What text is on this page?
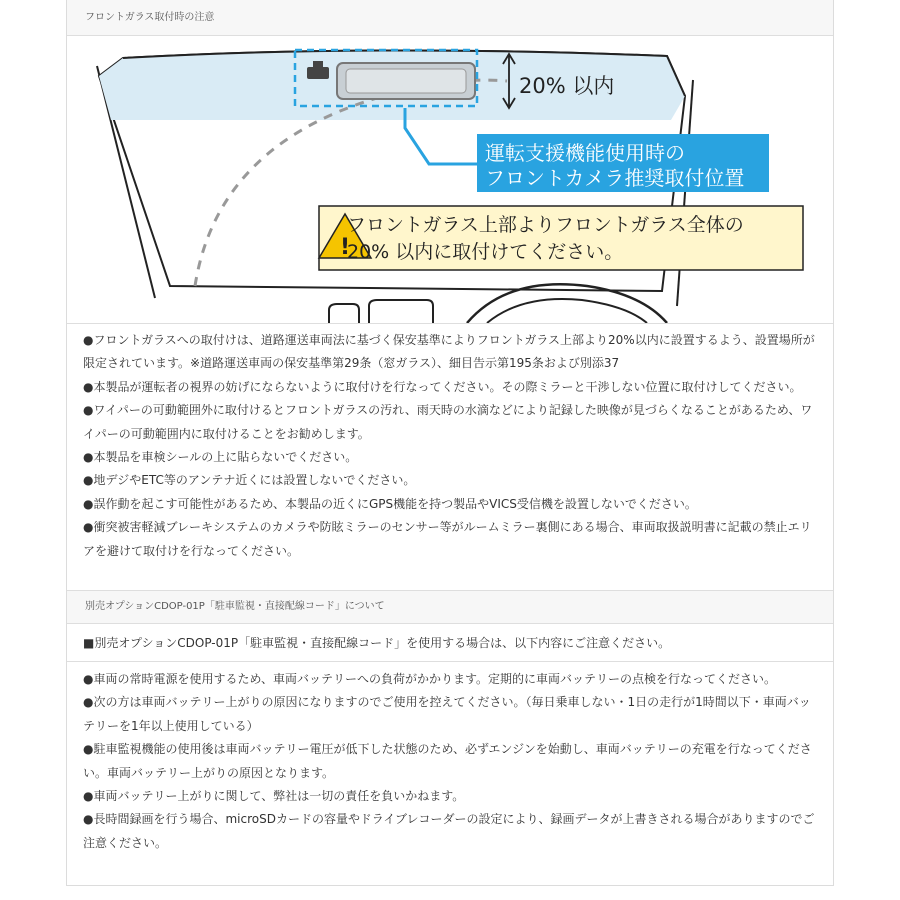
フロントガラス取付時の注意
20% 以内
運転支援機能使用時の
フロントカメラ推奨取付位置
!
フロントガラス上部よりフロントガラス全体の
20% 以内に取付けてください。

●フロントガラスへの取付けは、道路運送車両法に基づく保安基準によりフロントガラス上部より20%以内に設置するよう、設置場所が限定されています。※道路運送車両の保安基準第29条（窓ガラス）、細目告示第195条および別添37

●本製品が運転者の視界の妨げにならないように取付けを行なってください。その際ミラーと干渉しない位置に取付けしてください。

●ワイパーの可動範囲外に取付けるとフロントガラスの汚れ、雨天時の水滴などにより記録した映像が見づらくなることがあるため、ワイパーの可動範囲内に取付けることをお勧めします。

●本製品を車検シールの上に貼らないでください。

●地デジやETC等のアンテナ近くには設置しないでください。

●誤作動を起こす可能性があるため、本製品の近くにGPS機能を持つ製品やVICS受信機を設置しないでください。

●衝突被害軽減ブレーキシステムのカメラや防眩ミラーのセンサー等がルームミラー裏側にある場合、車両取扱説明書に記載の禁止エリアを避けて取付けを行なってください。

別売オプションCDOP-01P「駐車監視・直接配線コード」について

■別売オプションCDOP-01P「駐車監視・直接配線コード」を使用する場合は、以下内容にご注意ください。

●車両の常時電源を使用するため、車両バッテリーへの負荷がかかります。定期的に車両バッテリーの点検を行なってください。

●次の方は車両バッテリー上がりの原因になりますのでご使用を控えてください。（毎日乗車しない・1日の走行が1時間以下・車両バッテリーを1年以上使用している）

●駐車監視機能の使用後は車両バッテリー電圧が低下した状態のため、必ずエンジンを始動し、車両バッテリーの充電を行なってください。車両バッテリー上がりの原因となります。

●車両バッテリー上がりに関して、弊社は一切の責任を負いかねます。

●長時間録画を行う場合、microSDカードの容量やドライブレコーダーの設定により、録画データが上書きされる場合がありますのでご注意ください。
